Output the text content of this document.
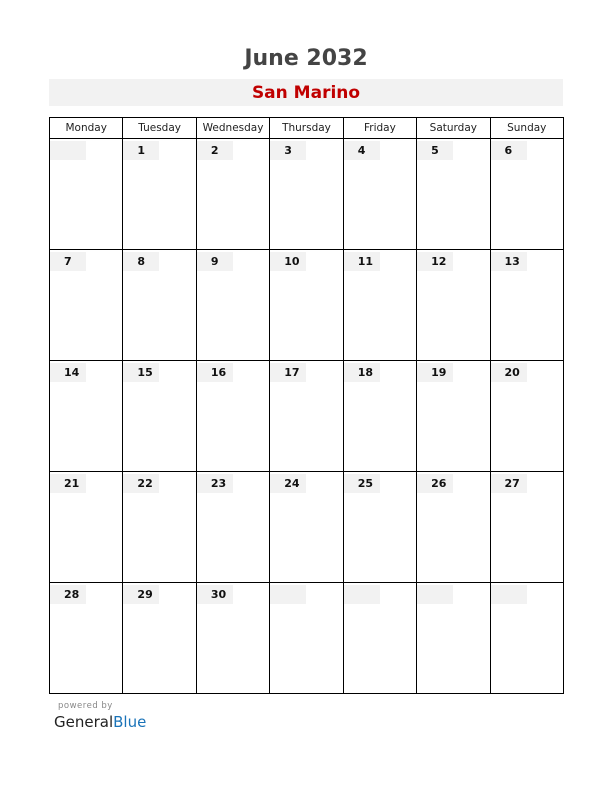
June 2032
San Marino
Monday	Tuesday	Wednesday	Thursday	Friday	Saturday	Sunday

	1	2	3	4	5	6

7	8	9	10	11	12	13

14	15	16	17	18	19	20

21	22	23	24	25	26	27

28	29	30				

powered by
GeneralBlue
